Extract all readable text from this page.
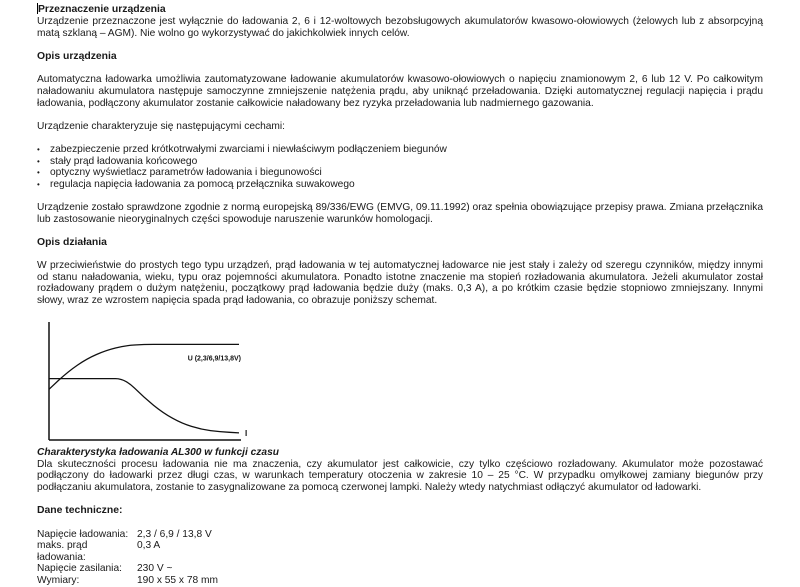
Przeznaczenie urządzenia

Urządzenie przeznaczone jest wyłącznie do ładowania 2, 6 i 12-woltowych bezobsługowych akumulatorów kwasowo-ołowiowych (żelowych lub z absorpcyjną matą szklaną – AGM). Nie wolno go wykorzystywać do jakichkolwiek innych celów.

Opis urządzenia

Automatyczna ładowarka umożliwia zautomatyzowane ładowanie akumulatorów kwasowo-ołowiowych o napięciu znamionowym 2, 6 lub 12 V. Po całkowitym naładowaniu akumulatora następuje samoczynne zmniejszenie natężenia prądu, aby uniknąć przeładowania. Dzięki automatycznej regulacji napięcia i prądu ładowania, podłączony akumulator zostanie całkowicie naładowany bez ryzyka przeładowania lub nadmiernego gazowania.

Urządzenie charakteryzuje się następującymi cechami:

• zabezpieczenie przed krótkotrwałymi zwarciami i niewłaściwym podłączeniem biegunów
• stały prąd ładowania końcowego
• optyczny wyświetlacz parametrów ładowania i biegunowości
• regulacja napięcia ładowania za pomocą przełącznika suwakowego

Urządzenie zostało sprawdzone zgodnie z normą europejską 89/336/EWG (EMVG, 09.11.1992) oraz spełnia obowiązujące przepisy prawa. Zmiana przełącznika lub zastosowanie nieoryginalnych części spowoduje naruszenie warunków homologacji.

Opis działania

W przeciwieństwie do prostych tego typu urządzeń, prąd ładowania w tej automatycznej ładowarce nie jest stały i zależy od szeregu czynników, między innymi od stanu naładowania, wieku, typu oraz pojemności akumulatora. Ponadto istotne znaczenie ma stopień rozładowania akumulatora. Jeżeli akumulator został rozładowany prądem o dużym natężeniu, początkowy prąd ładowania będzie duży (maks. 0,3 A), a po krótkim czasie będzie stopniowo zmniejszany. Innymi słowy, wraz ze wzrostem napięcia spada prąd ładowania, co obrazuje poniższy schemat.

U (2,3/6,9/13,8V)
I
Charakterystyka ładowania AL300 w funkcji czasu

Dla skuteczności procesu ładowania nie ma znaczenia, czy akumulator jest całkowicie, czy tylko częściowo rozładowany. Akumulator może pozostawać podłączony do ładowarki przez długi czas, w warunkach temperatury otoczenia w zakresie 10 – 25 °C. W przypadku omyłkowej zamiany biegunów przy podłączaniu akumulatora, zostanie to zasygnalizowane za pomocą czerwonej lampki. Należy wtedy natychmiast odłączyć akumulator od ładowarki.

Dane techniczne:
Napięcie ładowania: 2,3 / 6,9 / 13,8 V
maks. prąd ładowania:
0,3 A
Napięcie zasilania:	230 V ~
Wymiary:	190 x 55 x 78 mm
